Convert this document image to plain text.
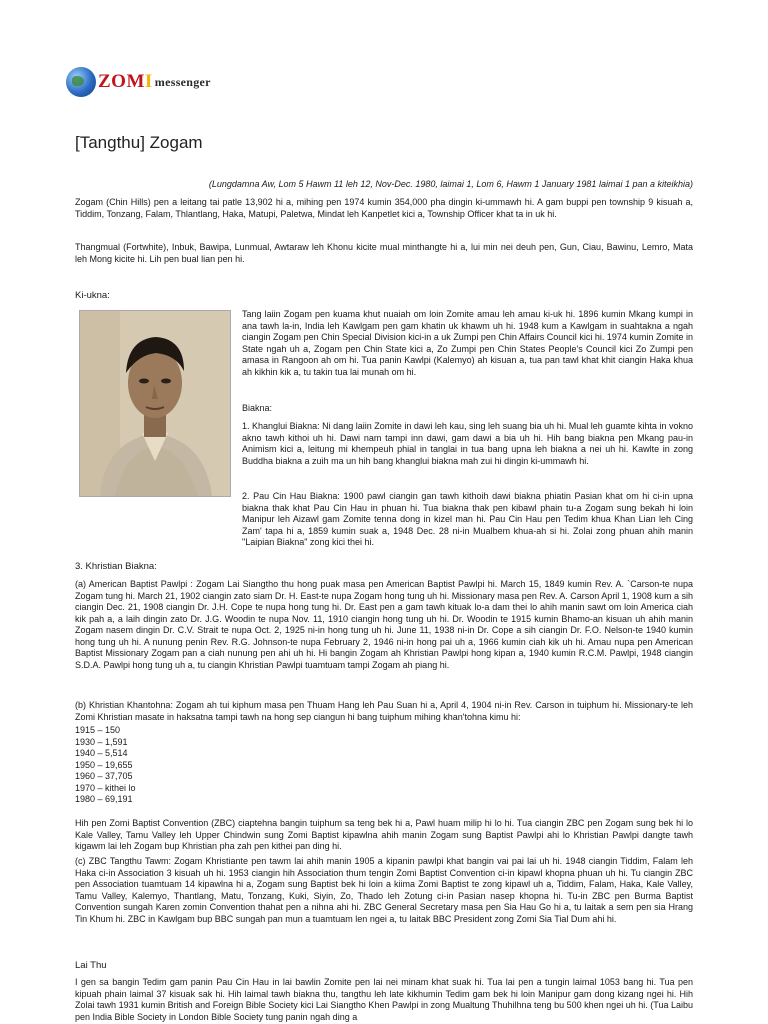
ZOMI messenger
[Tangthu] Zogam

(Lungdamna Aw, Lom 5 Hawm 11 leh 12, Nov-Dec. 1980, laimai 1, Lom 6, Hawm 1 January 1981 laimai 1 pan a kiteikhia)

Zogam (Chin Hills) pen a leitang tai patle 13,902 hi a, mihing pen 1974 kumin 354,000 pha dingin ki-ummawh hi. A gam buppi pen township 9 kisuah a, Tiddim, Tonzang, Falam, Thlantlang, Haka, Matupi, Paletwa, Mindat leh Kanpetlet kici a, Township Officer khat ta in uk hi.

Thangmual (Fortwhite), Inbuk, Bawipa, Lunmual, Awtaraw leh Khonu kicite mual minthangte hi a, lui min nei deuh pen, Gun, Ciau, Bawinu, Lemro, Mata leh Mong kicite hi. Lih pen bual lian pen hi.

Ki-ukna:

Tang laiin Zogam pen kuama khut nuaiah om loin Zomite amau leh amau ki-uk hi. 1896 kumin Mkang kumpi in ana tawh la-in, India leh Kawlgam pen gam khatin uk khawm uh hi. 1948 kum a Kawlgam in suahtakna a ngah ciangin Zogam pen Chin Special Division kici-in a uk Zumpi pen Chin Affairs Council kici hi. 1974 kumin Zomite in State ngah uh a, Zogam pen Chin State kici a, Zo Zumpi pen Chin States People's Council kici Zo Zumpi pen amasa in Rangoon ah om hi. Tua panin Kawlpi (Kalemyo) ah kisuan a, tua pan tawl khat khit ciangin Haka khua ah kikhin kik a, tu takin tua lai munah om hi.

Biakna:

1. Khanglui Biakna: Ni dang laiin Zomite in dawi leh kau, sing leh suang bia uh hi. Mual leh guamte kihta in vokno akno tawh kithoi uh hi. Dawi nam tampi inn dawi, gam dawi a bia uh hi. Hih bang biakna pen Mkang pau-in Animism kici a, leitung mi khempeuh phial in tanglai in tua bang upna leh biakna a nei uh hi. Kawlte in zong Buddha biakna a zuih ma un hih bang khanglui biakna mah zui hi dingin ki-ummawh hi.

2. Pau Cin Hau Biakna: 1900 pawl ciangin gan tawh kithoih dawi biakna phiatin Pasian khat om hi ci-in upna biakna thak khat Pau Cin Hau in phuan hi. Tua biakna thak pen kibawl phain tu-a Zogam sung bekah hi loin Manipur leh Aizawl gam Zomite tenna dong in kizel man hi. Pau Cin Hau pen Tedim khua Khan Lian leh Cing Zam' tapa hi a, 1859 kumin suak a, 1948 Dec. 28 ni-in Mualbem khua-ah si hi. Zolai zong phuan ahih manin "Laipian Biakna" zong kici thei hi.

3. Khristian Biakna:

(a) American Baptist Pawlpi : Zogam Lai Siangtho thu hong puak masa pen American Baptist Pawlpi hi. March 15, 1849 kumin Rev. A. `Carson-te nupa Zogam tung hi. March 21, 1902 ciangin zato siam Dr. H. East-te nupa Zogam hong tung uh hi. Missionary masa pen Rev. A. Carson April 1, 1908 kum a sih ciangin Dec. 21, 1908 ciangin Dr. J.H. Cope te nupa hong tung hi. Dr. East pen a gam tawh kituak lo-a dam thei lo ahih manin sawt om loin America ciah kik pah a, a laih dingin zato Dr. J.G. Woodin te nupa Nov. 11, 1910 ciangin hong tung uh hi. Dr. Woodin te 1915 kumin Bhamo-an kisuan uh ahih manin Zogam nasem dingin Dr. C.V. Strait te nupa Oct. 2, 1925 ni-in hong tung uh hi. June 11, 1938 ni-in Dr. Cope a sih ciangin Dr. F.O. Nelson-te 1940 kumin hong tung uh hi. A nunung penin Rev. R.G. Johnson-te nupa February 2, 1946 ni-in hong pai uh a, 1966 kumin ciah kik uh hi. Amau nupa pen American Baptist Missionary Zogam pan a ciah nunung pen ahi uh hi. Hi bangin Zogam ah Khristian Pawlpi hong kipan a, 1940 kumin R.C.M. Pawlpi, 1948 ciangin S.D.A. Pawlpi hong tung uh a, tu ciangin Khristian Pawlpi tuamtuam tampi Zogam ah piang hi.

(b) Khristian Khantohna: Zogam ah tui kiphum masa pen Thuam Hang leh Pau Suan hi a, April 4, 1904 ni-in Rev. Carson in tuiphum hi. Missionary-te leh Zomi Khristian masate in haksatna tampi tawh na hong sep ciangun hi bang tuiphum mihing khan'tohna kimu hi:

1915 – 150
1930 – 1,591
1940 – 5,514
1950 – 19,655
1960 – 37,705
1970 – kithei lo
1980 – 69,191

Hih pen Zomi Baptist Convention (ZBC) ciaptehna bangin tuiphum sa teng bek hi a, Pawl huam milip hi lo hi. Tua ciangin ZBC pen Zogam sung bek hi lo Kale Valley, Tamu Valley leh Upper Chindwin sung Zomi Baptist kipawlna ahih manin Zogam sung Baptist Pawlpi ahi lo Khristian Pawlpi dangte tawh kigawm lai leh Zogam bup Khristian pha zah pen kithei pan ding hi.

(c) ZBC Tangthu Tawm: Zogam Khristiante pen tawm lai ahih manin 1905 a kipanin pawlpi khat bangin vai pai lai uh hi. 1948 ciangin Tiddim, Falam leh Haka ci-in Association 3 kisuah uh hi. 1953 ciangin hih Association thum tengin Zomi Baptist Convention ci-in kipawl khopna phuan uh hi. Tu ciangin ZBC pen Association tuamtuam 14 kipawlna hi a, Zogam sung Baptist bek hi loin a kiima Zomi Baptist te zong kipawl uh a, Tiddim, Falam, Haka, Kale Valley, Tamu Valley, Kalemyo, Thantlang, Matu, Tonzang, Kuki, Siyin, Zo, Thado leh Zotung ci-in Pasian nasep khopna hi. Tu-in ZBC pen Burma Baptist Convention sungah Karen zomin Convention thahat pen a nihna ahi hi. ZBC General Secretary masa pen Sia Hau Go hi a, tu laitak a sem pen sia Hrang Tin Khum hi. ZBC in Kawlgam bup BBC sungah pan mun a tuamtuam len ngei a, tu laitak BBC President zong Zomi Sia Tial Dum ahi hi.

Lai Thu

I gen sa bangin Tedim gam panin Pau Cin Hau in lai bawlin Zomite pen lai nei minam khat suak hi. Tua lai pen a tungin laimal 1053 bang hi. Tua pen kipuah phain laimal 37 kisuak sak hi. Hih laimal tawh biakna thu, tangthu leh late kikhumin Tedim gam bek hi loin Manipur gam dong kizang ngei hi. Hih Zolai tawh 1931 kumin British and Foreign Bible Society kici Lai Siangtho Khen Pawlpi in zong Mualtung Thuhilhna teng bu 500 khen ngei uh hi. (Tua Laibu pen India Bible Society in London Bible Society tung panin ngah ding a
